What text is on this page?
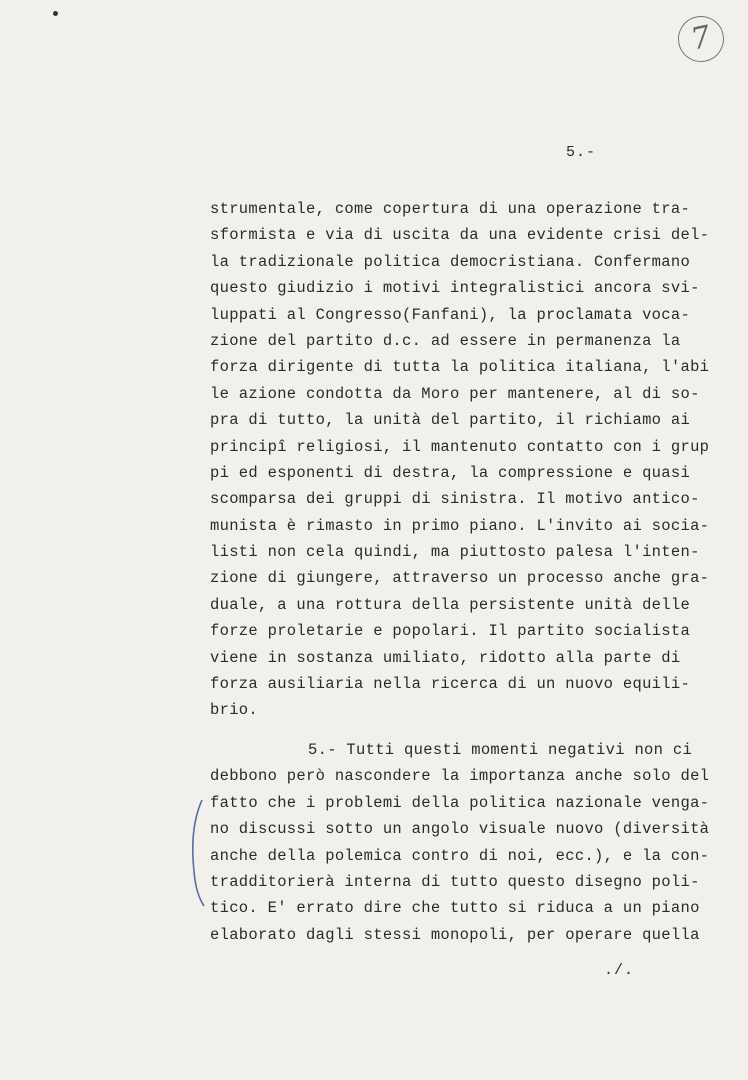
7
5.-
strumentale, come copertura di una operazione tra-
sformista e via di uscita da una evidente crisi del-
la tradizionale politica democristiana. Confermano
questo giudizio i motivi integralistici ancora svi-
luppati al Congresso(Fanfani), la proclamata voca-
zione del partito d.c. ad essere in permanenza la
forza dirigente di tutta la politica italiana, l'abi
le azione condotta da Moro per mantenere, al di so-
pra di tutto, la unità del partito, il richiamo ai
principî religiosi, il mantenuto contatto con i grup
pi ed esponenti di destra, la compressione e quasi
scomparsa dei gruppi di sinistra. Il motivo antico-
munista è rimasto in primo piano. L'invito ai socia-
listi non cela quindi, ma piuttosto palesa l'inten-
zione di giungere, attraverso un processo anche gra-
duale, a una rottura della persistente unità delle
forze proletarie e popolari. Il partito socialista
viene in sostanza umiliato, ridotto alla parte di
forza ausiliaria nella ricerca di un nuovo equili-
brio.
5.- Tutti questi momenti negativi non ci
debbono però nascondere la importanza anche solo del
fatto che i problemi della politica nazionale venga-
no discussi sotto un angolo visuale nuovo (diversità
anche della polemica contro di noi, ecc.), e la con-
tradditorierà interna di tutto questo disegno poli-
tico. E' errato dire che tutto si riduca a un piano
elaborato dagli stessi monopoli, per operare quella
./.
